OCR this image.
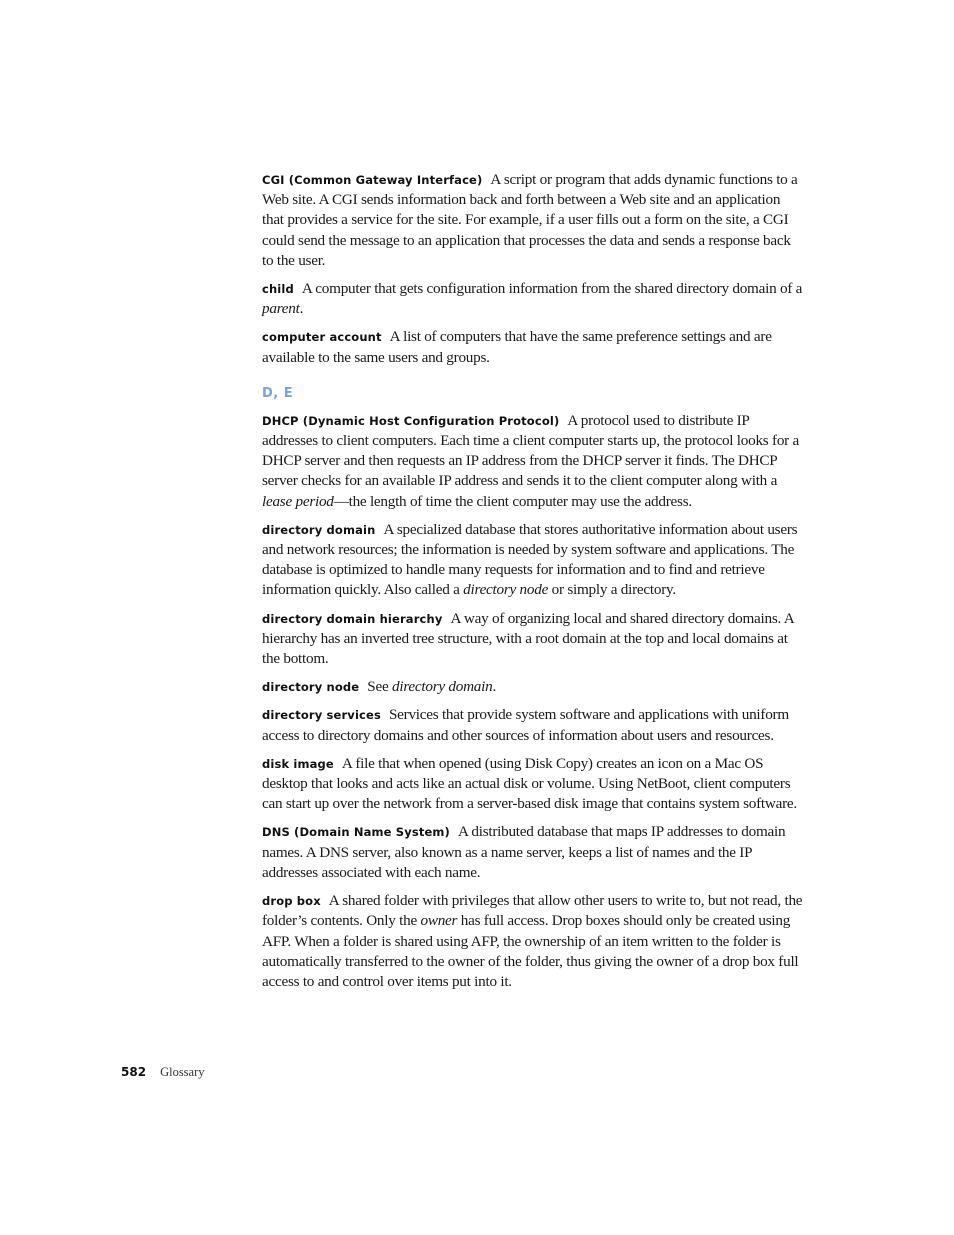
CGI (Common Gateway Interface) A script or program that adds dynamic functions to a Web site. A CGI sends information back and forth between a Web site and an application that provides a service for the site. For example, if a user fills out a form on the site, a CGI could send the message to an application that processes the data and sends a response back to the user.

child A computer that gets configuration information from the shared directory domain of a parent.

computer account A list of computers that have the same preference settings and are available to the same users and groups.

D, E

DHCP (Dynamic Host Configuration Protocol) A protocol used to distribute IP addresses to client computers. Each time a client computer starts up, the protocol looks for a DHCP server and then requests an IP address from the DHCP server it finds. The DHCP server checks for an available IP address and sends it to the client computer along with a lease period—the length of time the client computer may use the address.

directory domain A specialized database that stores authoritative information about users and network resources; the information is needed by system software and applications. The database is optimized to handle many requests for information and to find and retrieve information quickly. Also called a directory node or simply a directory.

directory domain hierarchy A way of organizing local and shared directory domains. A hierarchy has an inverted tree structure, with a root domain at the top and local domains at the bottom.

directory node See directory domain.

directory services Services that provide system software and applications with uniform access to directory domains and other sources of information about users and resources.

disk image A file that when opened (using Disk Copy) creates an icon on a Mac OS desktop that looks and acts like an actual disk or volume. Using NetBoot, client computers can start up over the network from a server-based disk image that contains system software.

DNS (Domain Name System) A distributed database that maps IP addresses to domain names. A DNS server, also known as a name server, keeps a list of names and the IP addresses associated with each name.

drop box A shared folder with privileges that allow other users to write to, but not read, the folder’s contents. Only the owner has full access. Drop boxes should only be created using AFP. When a folder is shared using AFP, the ownership of an item written to the folder is automatically transferred to the owner of the folder, thus giving the owner of a drop box full access to and control over items put into it.

582 Glossary
